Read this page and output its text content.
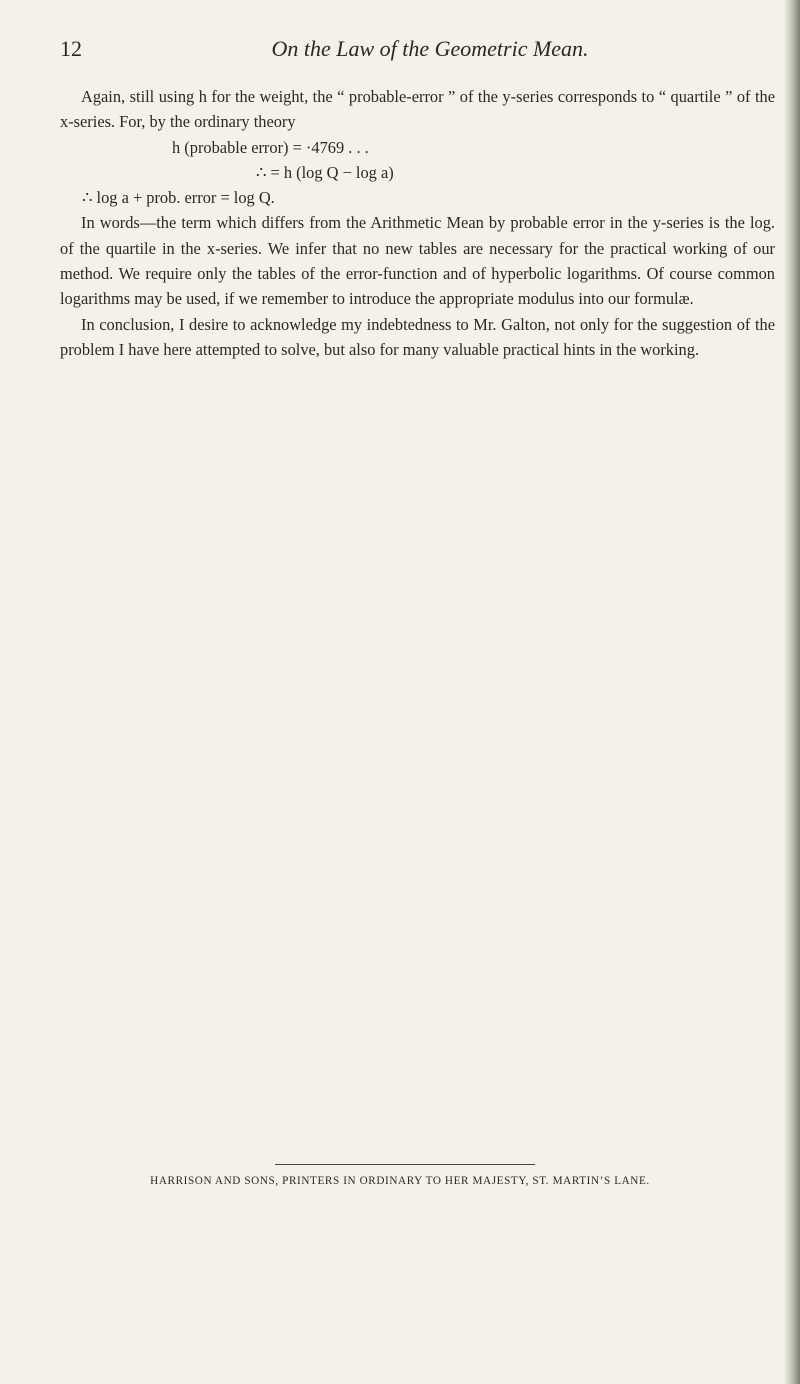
12	On the Law of the Geometric Mean.

Again, still using h for the weight, the “ probable-error ” of the y-series corresponds to “ quartile ” of the x-series. For, by the ordinary theory

h (probable error) = ·4769 . . .
∴ = h (log Q − log a)
∴ log a + prob. error = log Q.

In words—the term which differs from the Arithmetic Mean by probable error in the y-series is the log. of the quartile in the x-series. We infer that no new tables are necessary for the practical working of our method. We require only the tables of the error-function and of hyperbolic logarithms. Of course common logarithms may be used, if we remember to introduce the appropriate modulus into our formulæ.

In conclusion, I desire to acknowledge my indebtedness to Mr. Galton, not only for the suggestion of the problem I have here attempted to solve, but also for many valuable practical hints in the working.

HARRISON AND SONS, PRINTERS IN ORDINARY TO HER MAJESTY, ST. MARTIN’S LANE.
